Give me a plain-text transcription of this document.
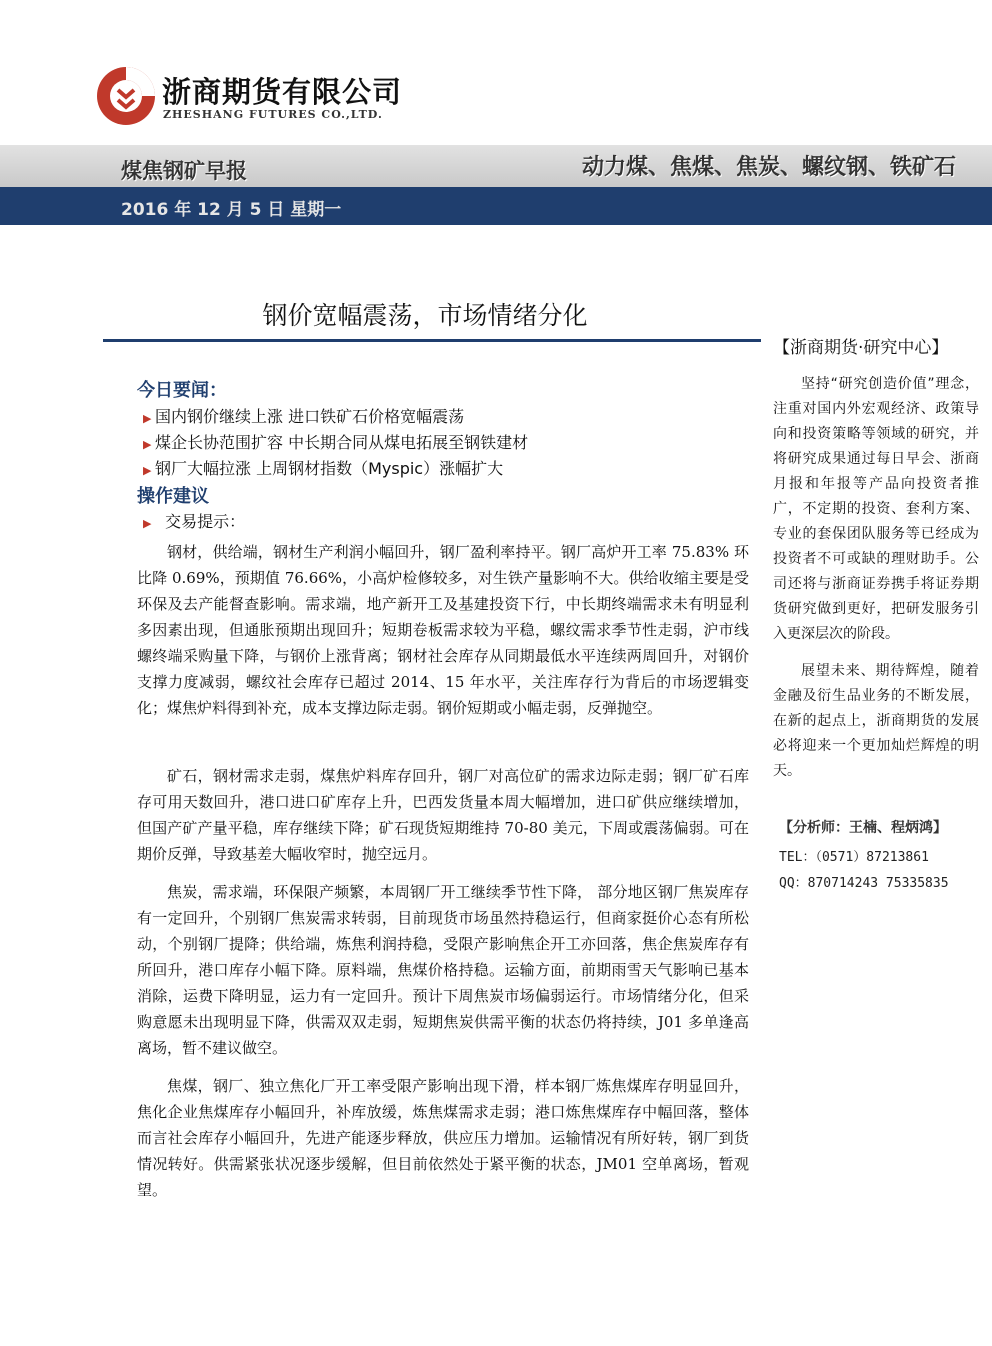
浙商期货有限公司
ZHESHANG FUTURES CO.,LTD.
煤焦钢矿早报	动力煤、焦煤、焦炭、螺纹钢、铁矿石
2016 年 12 月 5 日 星期一
钢价宽幅震荡，市场情绪分化
【浙商期货·研究中心】
今日要闻：
▶ 国内钢价继续上涨 进口铁矿石价格宽幅震荡
▶ 煤企长协范围扩容 中长期合同从煤电拓展至钢铁建材
▶ 钢厂大幅拉涨 上周钢材指数（Myspic）涨幅扩大
操作建议
▶ 交易提示：

钢材，供给端，钢材生产利润小幅回升，钢厂盈利率持平。钢厂高炉开工率 75.83% 环比降 0.69%，预期值 76.66%，小高炉检修较多，对生铁产量影响不大。供给收缩主要是受环保及去产能督查影响。需求端，地产新开工及基建投资下行，中长期终端需求未有明显利多因素出现，但通胀预期出现回升；短期卷板需求较为平稳，螺纹需求季节性走弱，沪市线螺终端采购量下降，与钢价上涨背离；钢材社会库存从同期最低水平连续两周回升，对钢价支撑力度减弱，螺纹社会库存已超过 2014、15 年水平，关注库存行为背后的市场逻辑变化；煤焦炉料得到补充，成本支撑边际走弱。钢价短期或小幅走弱，反弹抛空。

矿石，钢材需求走弱，煤焦炉料库存回升，钢厂对高位矿的需求边际走弱；钢厂矿石库存可用天数回升，港口进口矿库存上升，巴西发货量本周大幅增加，进口矿供应继续增加，但国产矿产量平稳，库存继续下降；矿石现货短期维持 70-80 美元，下周或震荡偏弱。可在期价反弹，导致基差大幅收窄时，抛空远月。

焦炭，需求端，环保限产频繁，本周钢厂开工继续季节性下降， 部分地区钢厂焦炭库存有一定回升，个别钢厂焦炭需求转弱，目前现货市场虽然持稳运行，但商家挺价心态有所松动，个别钢厂提降；供给端，炼焦利润持稳，受限产影响焦企开工亦回落，焦企焦炭库存有所回升，港口库存小幅下降。原料端，焦煤价格持稳。运输方面，前期雨雪天气影响已基本消除，运费下降明显，运力有一定回升。预计下周焦炭市场偏弱运行。市场情绪分化，但采购意愿未出现明显下降，供需双双走弱，短期焦炭供需平衡的状态仍将持续，J01 多单逢高离场，暂不建议做空。

焦煤，钢厂、独立焦化厂开工率受限产影响出现下滑，样本钢厂炼焦煤库存明显回升，焦化企业焦煤库存小幅回升，补库放缓，炼焦煤需求走弱；港口炼焦煤库存中幅回落，整体而言社会库存小幅回升，先进产能逐步释放，供应压力增加。运输情况有所好转，钢厂到货情况转好。供需紧张状况逐步缓解，但目前依然处于紧平衡的状态，JM01 空单离场，暂观望。

坚持“研究创造价值”理念，注重对国内外宏观经济、政策导向和投资策略等领域的研究，并将研究成果通过每日早会、浙商月报和年报等产品向投资者推广，不定期的投资、套利方案、专业的套保团队服务等已经成为投资者不可或缺的理财助手。公司还将与浙商证券携手将证券期货研究做到更好，把研发服务引入更深层次的阶段。

展望未来、期待辉煌，随着金融及衍生品业务的不断发展，在新的起点上，浙商期货的发展必将迎来一个更加灿烂辉煌的明天。

【分析师：王楠、程炳鸿】
TEL：（0571）87213861
QQ：870714243 75335835
